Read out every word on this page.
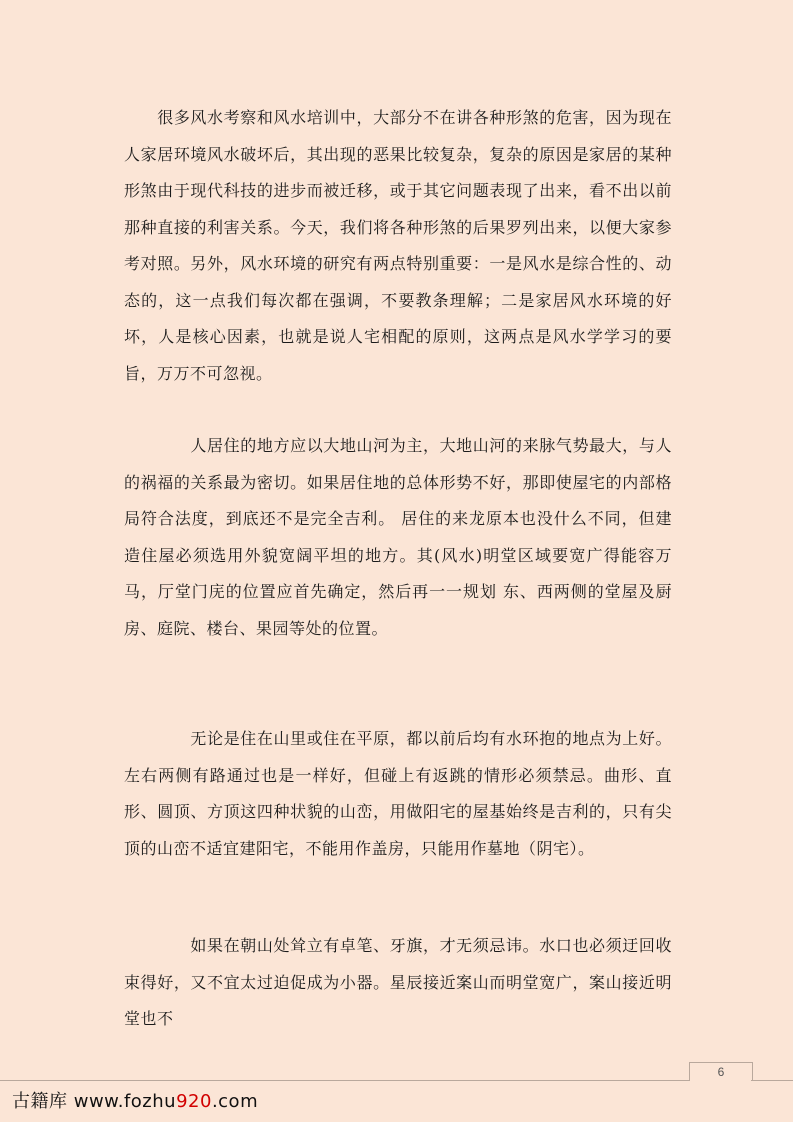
　　很多风水考察和风水培训中，大部分不在讲各种形煞的危害，因为现在人家居环境风水破坏后，其出现的恶果比较复杂，复杂的原因是家居的某种形煞由于现代科技的进步而被迁移，或于其它问题表现了出来，看不出以前那种直接的利害关系。今天，我们将各种形煞的后果罗列出来，以便大家参考对照。另外，风水环境的研究有两点特别重要：一是风水是综合性的、动态的，这一点我们每次都在强调，不要教条理解；二是家居风水环境的好坏，人是核心因素，也就是说人宅相配的原则，这两点是风水学学习的要旨，万万不可忽视。

　　　　人居住的地方应以大地山河为主，大地山河的来脉气势最大，与人的祸福的关系最为密切。如果居住地的总体形势不好，那即使屋宅的内部格局符合法度，到底还不是完全吉利。 居住的来龙原本也没什么不同，但建造住屋必须选用外貌宽阔平坦的地方。其(风水)明堂区域要宽广得能容万马，厅堂门庑的位置应首先确定，然后再一一规划 东、西两侧的堂屋及厨房、庭院、楼台、果园等处的位置。

　　　　无论是住在山里或住在平原，都以前后均有水环抱的地点为上好。左右两侧有路通过也是一样好，但碰上有返跳的情形必须禁忌。曲形、直形、圆顶、方顶这四种状貌的山峦，用做阳宅的屋基始终是吉利的，只有尖顶的山峦不适宜建阳宅，不能用作盖房，只能用作墓地（阴宅）。

　　　　如果在朝山处耸立有卓笔、牙旗，才无须忌讳。水口也必须迂回收束得好，又不宜太过迫促成为小器。星辰接近案山而明堂宽广，案山接近明堂也不

6
古籍库 www.fozhu920.com
